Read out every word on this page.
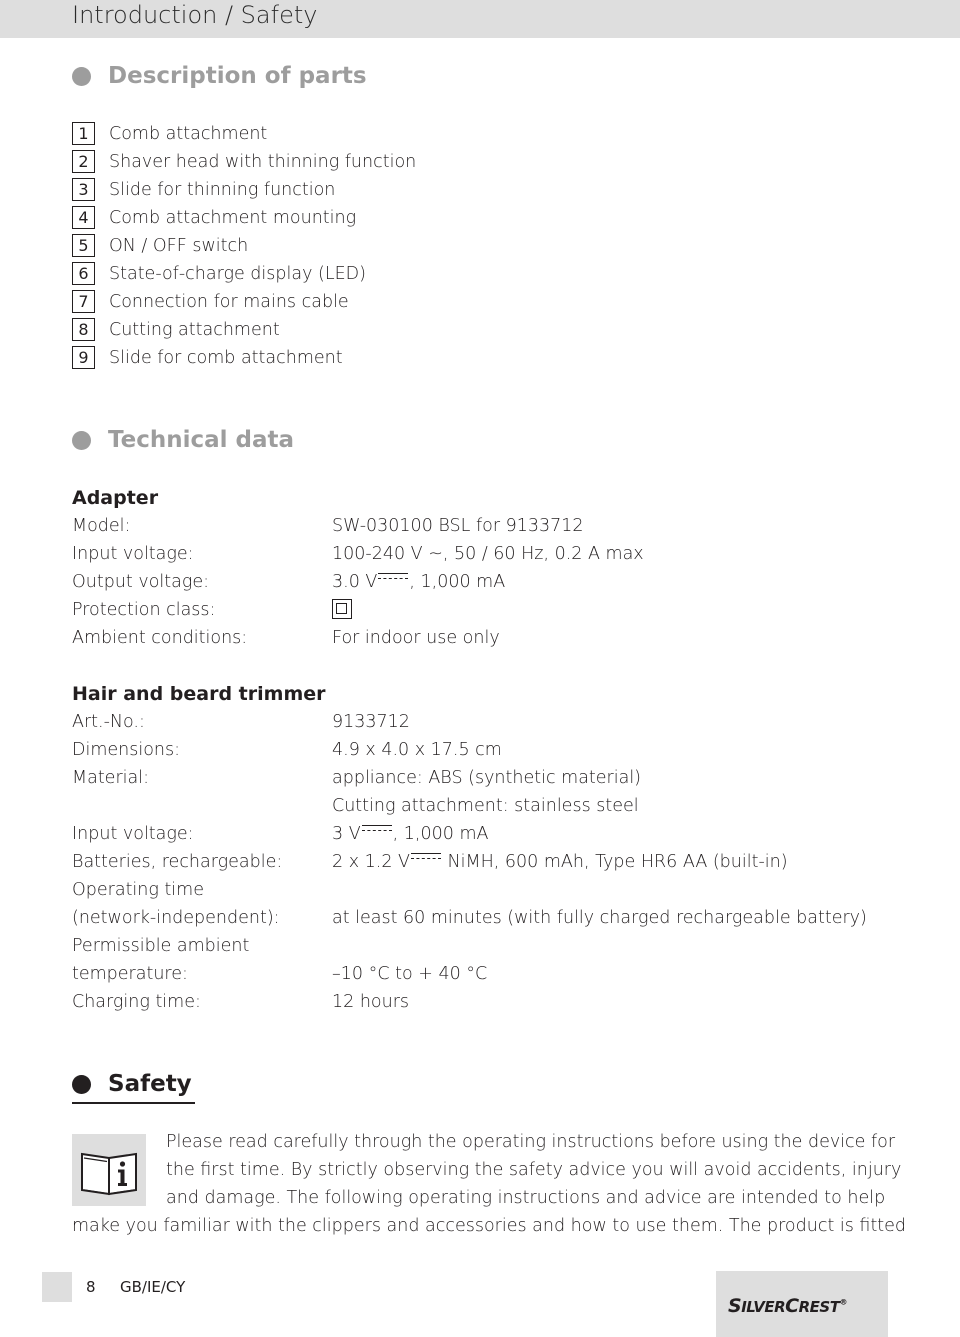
Introduction / Safety
Description of parts
1	Comb attachment
2	Shaver head with thinning function
3	Slide for thinning function
4	Comb attachment mounting
5	ON / OFF switch
6	State-of-charge display (LED)
7	Connection for mains cable
8	Cutting attachment
9	Slide for comb attachment
Technical data
Adapter
Model:	SW-030100 BSL for 9133712
Input voltage:	100-240 V ~, 50 / 60 Hz, 0.2 A max
Output voltage:	3.0 V , 1,000 mA
Protection class:
Ambient conditions:	For indoor use only
Hair and beard trimmer
Art.-No.:	9133712
Dimensions:	4.9 x 4.0 x 17.5 cm
Material:	appliance: ABS (synthetic material)
Cutting attachment: stainless steel
Input voltage:	3 V , 1,000 mA
Batteries, rechargeable:	2 x 1.2 V NiMH, 600 mAh, Type HR6 AA (built-in)
Operating time
(network-independent):	at least 60 minutes (with fully charged rechargeable battery)
Permissible ambient
temperature:	–10 °C to + 40 °C
Charging time:	12 hours
Safety
Please read carefully through the operating instructions before using the device for
the first time. By strictly observing the safety advice you will avoid accidents, injury
and damage. The following operating instructions and advice are intended to help
make you familiar with the clippers and accessories and how to use them. The product is fitted
8 GB/IE/CY
SILVERCREST®
